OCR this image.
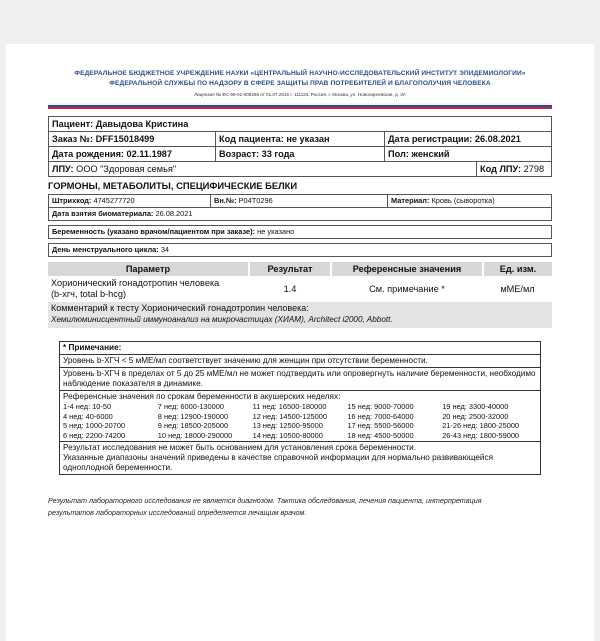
ФЕДЕРАЛЬНОЕ БЮДЖЕТНОЕ УЧРЕЖДЕНИЕ НАУКИ «ЦЕНТРАЛЬНЫЙ НАУЧНО-ИССЛЕДОВАТЕЛЬСКИЙ ИНСТИТУТ ЭПИДЕМИОЛОГИИ»
ФЕДЕРАЛЬНОЙ СЛУЖБЫ ПО НАДЗОРУ В СФЕРЕ ЗАЩИТЫ ПРАВ ПОТРЕБИТЕЛЕЙ И БЛАГОПОЛУЧИЯ ЧЕЛОВЕКА
Лицензия № ФС-99-01-009256 от 01.07.2016 г. 111123, Россия, г. Москва, ул. Новогиреевская, д. 3А
Пациент: Давыдова Кристина
Заказ №: DFF15018499	Код пациента: не указан	Дата регистрации: 26.08.2021
Дата рождения: 02.11.1987	Возраст: 33 года	Пол: женский
ЛПУ: ООО "Здоровая семья"	Код ЛПУ: 2798
ГОРМОНЫ, МЕТАБОЛИТЫ, СПЕЦИФИЧЕСКИЕ БЕЛКИ
Штрихкод: 4745277720	Вн.№: P04T0296	Материал: Кровь (сыворотка)
Дата взятия биоматериала: 26.08.2021
Беременность (указано врачом/пациентом при заказе): не указано
День менструального цикла: 34
Параметр	Результат	Референсные значения	Ед. изм.

Хорионический гонадотропин человека
(b-хгч, total b-hcg)	1.4	См. примечание *	мМЕ/мл
Комментарий к тесту Хорионический гонадотропин человека:
Хемилюминисцентный иммуноанализ на микрочастицах (ХИАМ), Architect i2000, Abbott.
* Примечание:
Уровень b-ХГЧ < 5 мМЕ/мл соответствует значению для женщин при отсутствии беременности.
Уровень b-ХГЧ в пределах от 5 до 25 мМЕ/мл не может подтвердить или опровергнуть наличие беременности, необходимо наблюдение показателя в динамике.
Референсные значения по срокам беременности в акушерских неделях:
1-4 нед: 10-50	7 нед: 6000-130000	11 нед: 16500-180000	15 нед: 9000-70000	19 нед: 3300-40000
4 нед: 40-6000	8 нед: 12900-190000	12 нед: 14500-125000	16 нед: 7000-64000	20 нед: 2500-32000
5 нед: 1000-20700	9 нед: 18500-205000	13 нед: 12500-95000	17 нед: 5500-56000	21-26 нед: 1800-25000
6 нед: 2200-74200	10 нед: 18000-290000	14 нед: 10500-80000	18 нед: 4500-50000	26-43 нед: 1800-59000
Результат исследования не может быть основанием для установления срока беременности.
Указанные диапазоны значений приведены в качестве справочной информации для нормально развивающейся одноплодной беременности.
Результат лабораторного исследования не является диагнозом. Тактика обследования, лечения пациента, интерпретация
результатов лабораторных исследований определяется лечащим врачом.
